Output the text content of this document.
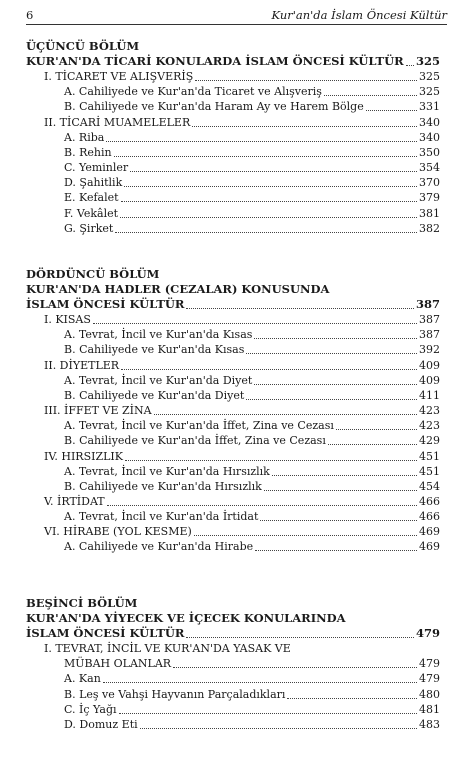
6	Kur'an'da İslam Öncesi Kültür
ÜÇÜNCÜ BÖLÜM
KUR'AN'DA TİCARİ KONULARDA İSLAM ÖNCESİ KÜLTÜR 325
I. TİCARET VE ALIŞVERİŞ	325
A. Cahiliyede ve Kur'an'da Ticaret ve Alışveriş	325
B. Cahiliyede ve Kur'an'da Haram Ay ve Harem Bölge	331
II. TİCARİ MUAMELELER	340
A. Riba	340
B. Rehin	350
C. Yeminler	354
D. Şahitlik	370
E. Kefalet	379
F. Vekâlet	381
G. Şirket	382
DÖRDÜNCÜ BÖLÜM
KUR'AN'DA HADLER (CEZALAR) KONUSUNDA
İSLAM ÖNCESİ KÜLTÜR	387
I. KISAS	387
A. Tevrat, İncil ve Kur'an'da Kısas	387
B. Cahiliyede ve Kur'an'da Kısas	392
II. DİYETLER	409
A. Tevrat, İncil ve Kur'an'da Diyet	409
B. Cahiliyede ve Kur'an'da Diyet	411
III. İFFET VE ZİNA	423
A. Tevrat, İncil ve Kur'an'da İffet, Zina ve Cezası	423
B. Cahiliyede ve Kur'an'da İffet, Zina ve Cezası	429
IV. HIRSIZLIK	451
A. Tevrat, İncil ve Kur'an'da Hırsızlık	451
B. Cahiliyede ve Kur'an'da Hırsızlık	454
V. İRTİDAT	466
A. Tevrat, İncil ve Kur'an'da İrtidat	466
VI. HİRABE (YOL KESME)	469
A. Cahiliyede ve Kur'an'da Hirabe	469
BEŞİNCİ BÖLÜM
KUR'AN'DA YİYECEK VE İÇECEK KONULARINDA
İSLAM ÖNCESİ KÜLTÜR	479
I. TEVRAT, İNCİL VE KUR'AN'DA YASAK VE
MÜBAH OLANLAR	479
A. Kan	479
B. Leş ve Vahşi Hayvanın Parçaladıkları	480
C. İç Yağı	481
D. Domuz Eti	483
